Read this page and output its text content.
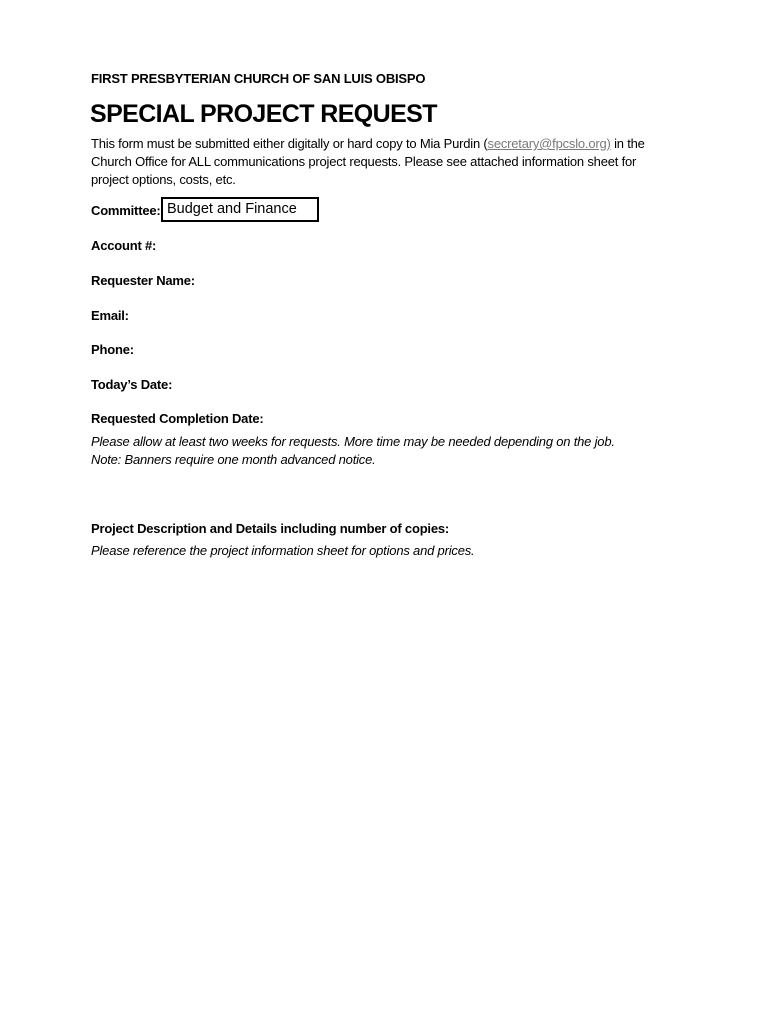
FIRST PRESBYTERIAN CHURCH OF SAN LUIS OBISPO
SPECIAL PROJECT REQUEST
This form must be submitted either digitally or hard copy to Mia Purdin (secretary@fpcslo.org) in the
Church Office for ALL communications project requests. Please see attached information sheet for
project options, costs, etc.
Committee: Budget and Finance
Account #:
Requester Name:
Email:
Phone:
Today’s Date:
Requested Completion Date:
Please allow at least two weeks for requests. More time may be needed depending on the job.
Note: Banners require one month advanced notice.
Project Description and Details including number of copies:
Please reference the project information sheet for options and prices.
